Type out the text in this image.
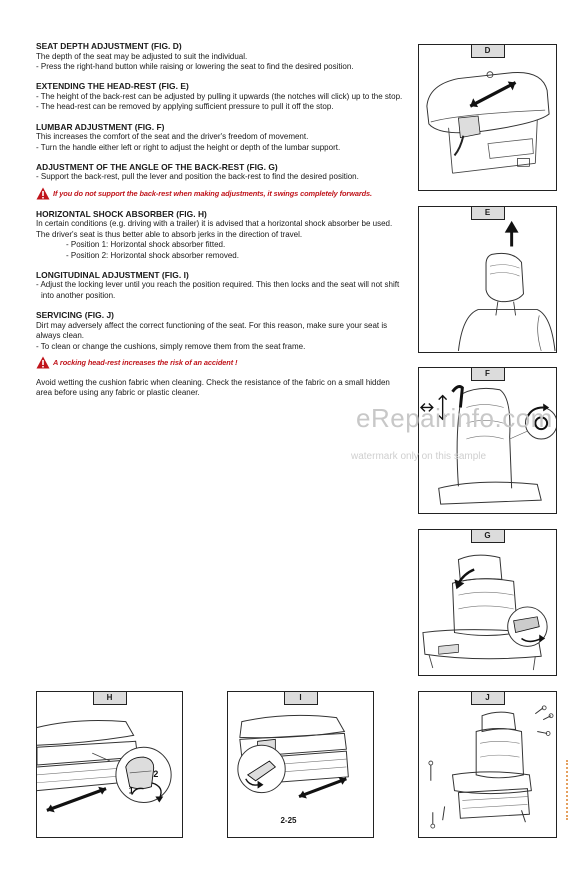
SEAT DEPTH ADJUSTMENT (FIG. D)

The depth of the seat may be adjusted to suit the individual.

- Press the right-hand button while raising or lowering the seat to find the desired position.

EXTENDING THE HEAD-REST (FIG. E)

- The height of the back-rest can be adjusted by pulling it upwards (the notches will click) up to the stop.

- The head-rest can be removed by applying sufficient pressure to pull it off the stop.

LUMBAR ADJUSTMENT (FIG. F)

This increases the comfort of the seat and the driver's freedom of movement.

- Turn the handle either left or right to adjust the height or depth of the lumbar support.

ADJUSTMENT OF THE ANGLE OF THE BACK-REST (FIG. G)

- Support the back-rest, pull the lever and position the back-rest to find the desired position.

If you do not support the back-rest when making adjustments, it swings completely forwards.
HORIZONTAL SHOCK ABSORBER (FIG. H)

In certain conditions (e.g. driving with a trailer) it is advised that a horizontal shock absorber be used. The driver's seat is thus better able to absorb jerks in the direction of travel.

- Position 1: Horizontal shock absorber fitted.

- Position 2: Horizontal shock absorber removed.

LONGITUDINAL ADJUSTMENT (FIG. I)

- Adjust the locking lever until you reach the position required. This then locks and the seat will not shift into another position.

SERVICING (FIG. J)

Dirt may adversely affect the correct functioning of the seat. For this reason, make sure your seat is always clean.

- To clean or change the cushions, simply remove them from the seat frame.

A rocking head-rest increases the risk of an accident !

Avoid wetting the cushion fabric when cleaning. Check the resistance of the fabric on a small hidden area before using any fabric or plastic cleaner.

D
E
F
G
1
2
H	I	J
eRepairinfo.com
watermark only on this sample
2-25
